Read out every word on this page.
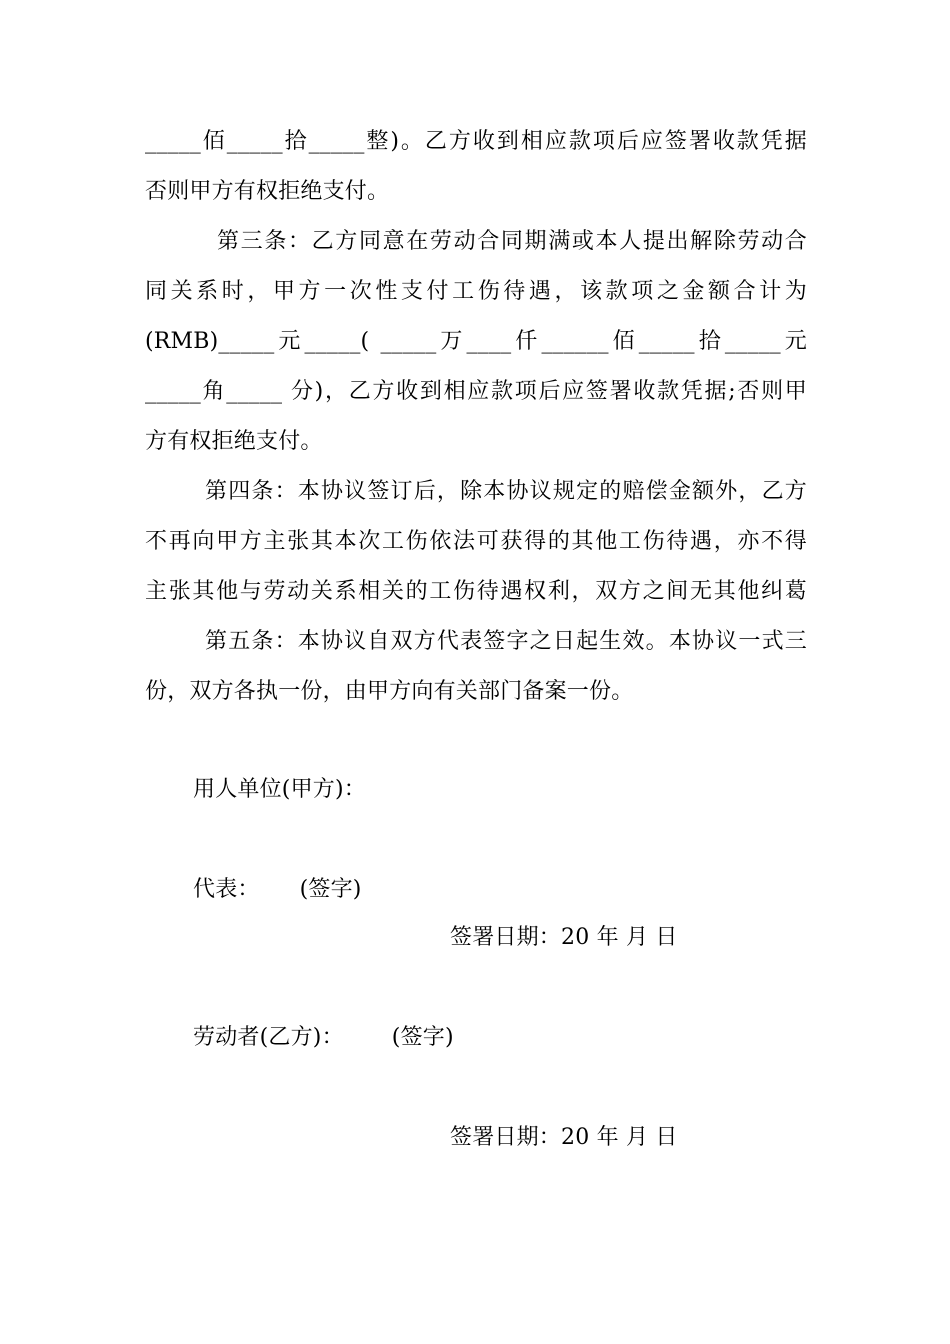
_____佰_____拾_____整)。乙方收到相应款项后应签署收款凭据
否则甲方有权拒绝支付。
第三条：乙方同意在劳动合同期满或本人提出解除劳动合
同关系时，甲方一次性支付工伤待遇，该款项之金额合计为
(RMB)_____元_____( _____万____仟______佰_____拾_____元
_____角_____ 分)，乙方收到相应款项后应签署收款凭据;否则甲
方有权拒绝支付。
第四条：本协议签订后，除本协议规定的赔偿金额外，乙方
不再向甲方主张其本次工伤依法可获得的其他工伤待遇，亦不得
主张其他与劳动关系相关的工伤待遇权利，双方之间无其他纠葛
第五条：本协议自双方代表签字之日起生效。本协议一式三
份，双方各执一份，由甲方向有关部门备案一份。
用人单位(甲方)：
代表： (签字)
签署日期：20 年 月 日
劳动者(乙方)： (签字)
签署日期：20 年 月 日
